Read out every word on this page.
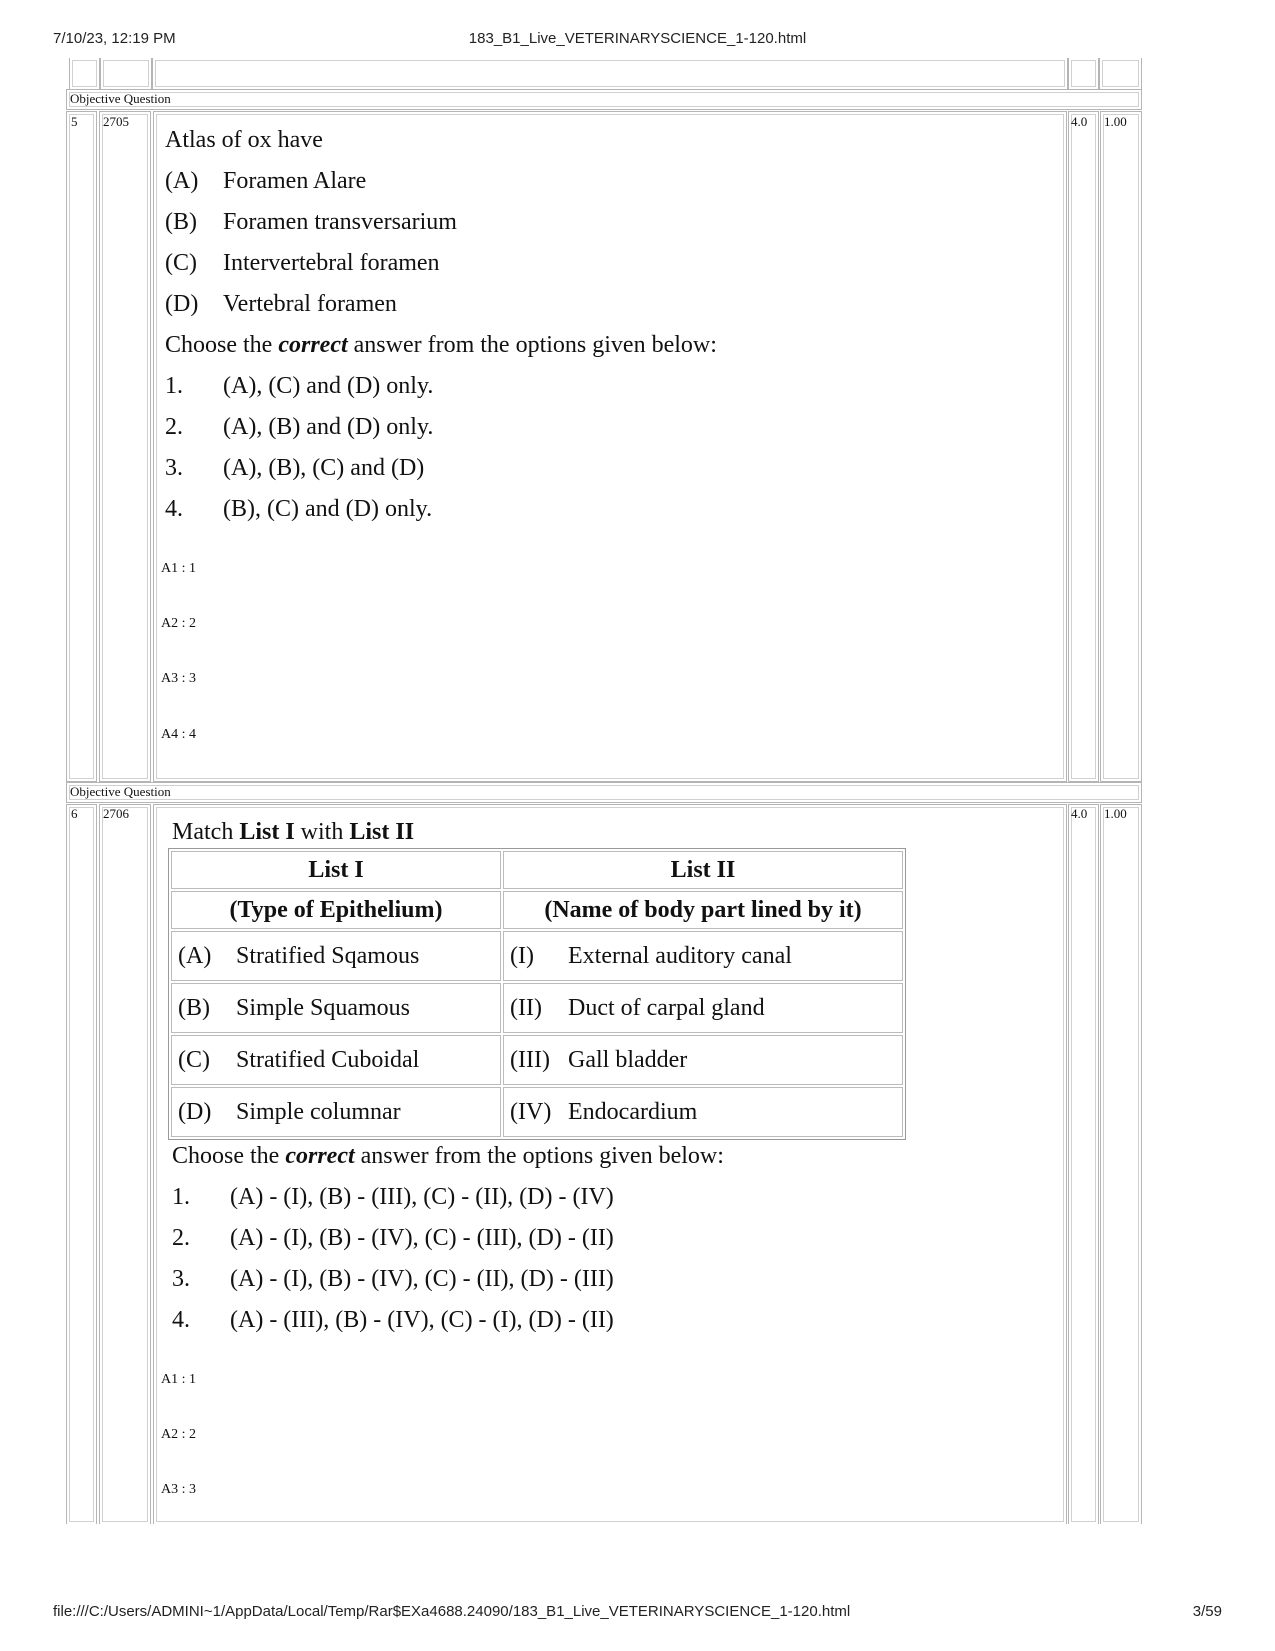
7/10/23, 12:19 PM	183_B1_Live_VETERINARYSCIENCE_1-120.html
Objective Question
5 2705	4.0 1.00
Atlas of ox have
(A) Foramen Alare
(B) Foramen transversarium
(C) Intervertebral foramen
(D) Vertebral foramen
Choose the correct answer from the options given below:
1. (A), (C) and (D) only.
2. (A), (B) and (D) only.
3. (A), (B), (C) and (D)
4. (B), (C) and (D) only.
A1 : 1
A2 : 2
A3 : 3
A4 : 4
Objective Question
6 2706	4.0 1.00
Match List I with List II
List I	List II
(Type of Epithelium)	(Name of body part lined by it)
(A) Stratified Sqamous	(I) External auditory canal
(B) Simple Squamous	(II) Duct of carpal gland
(C) Stratified Cuboidal	(III) Gall bladder
(D) Simple columnar	(IV) Endocardium
Choose the correct answer from the options given below:
1. (A) - (I), (B) - (III), (C) - (II), (D) - (IV)
2. (A) - (I), (B) - (IV), (C) - (III), (D) - (II)
3. (A) - (I), (B) - (IV), (C) - (II), (D) - (III)
4. (A) - (III), (B) - (IV), (C) - (I), (D) - (II)
A1 : 1
A2 : 2
A3 : 3
file:///C:/Users/ADMINI~1/AppData/Local/Temp/Rar$EXa4688.24090/183_B1_Live_VETERINARYSCIENCE_1-120.html	3/59
